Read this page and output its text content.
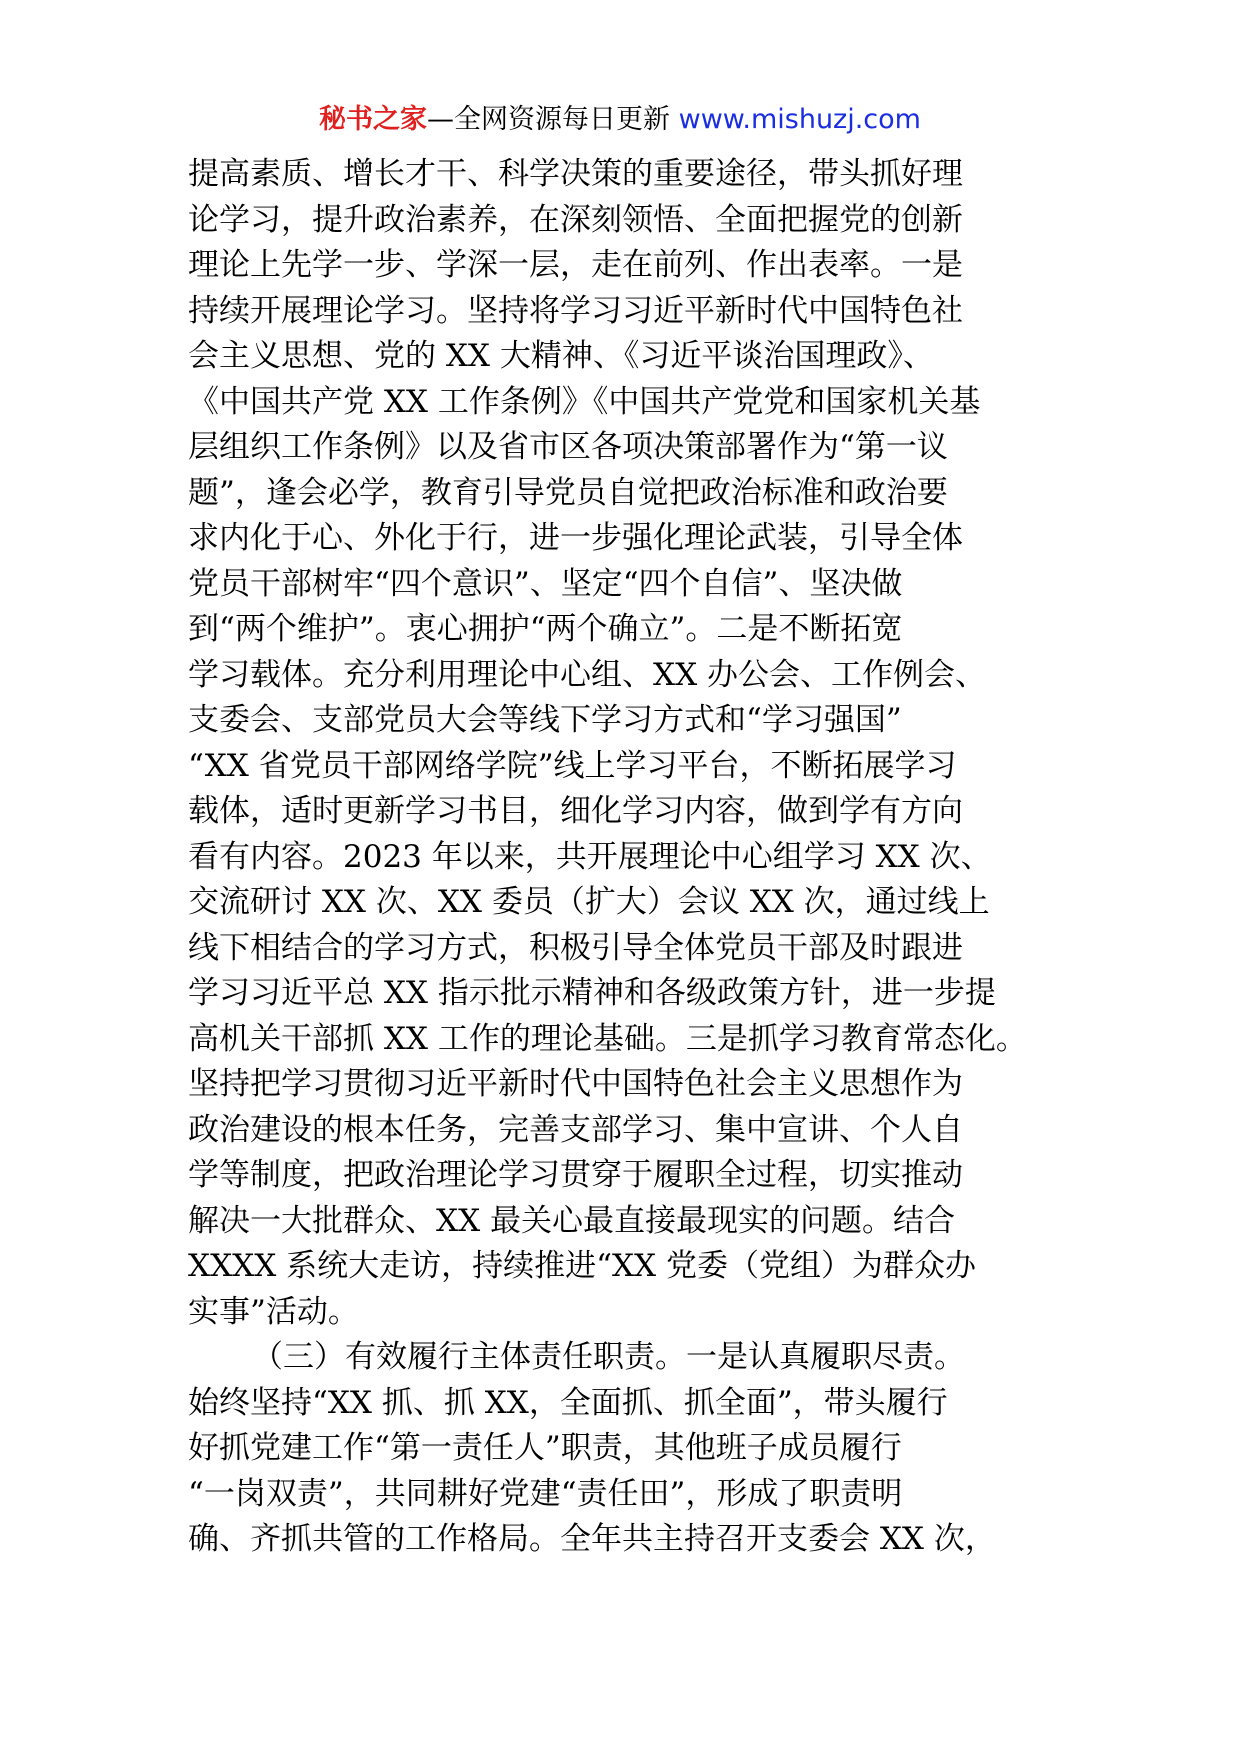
秘书之家—全网资源每日更新 www.mishuzj.com
提高素质、增长才干、科学决策的重要途径，带头抓好理
论学习，提升政治素养，在深刻领悟、全面把握党的创新
理论上先学一步、学深一层，走在前列、作出表率。一是
持续开展理论学习。坚持将学习习近平新时代中国特色社
会主义思想、党的 XX 大精神、《习近平谈治国理政》、
《中国共产党 XX 工作条例》《中国共产党党和国家机关基
层组织工作条例》以及省市区各项决策部署作为“第一议
题”，逢会必学，教育引导党员自觉把政治标准和政治要
求内化于心、外化于行，进一步强化理论武装，引导全体
党员干部树牢“四个意识”、坚定“四个自信”、坚决做
到“两个维护”。衷心拥护“两个确立”。二是不断拓宽
学习载体。充分利用理论中心组、XX 办公会、工作例会、
支委会、支部党员大会等线下学习方式和“学习强国”
“XX 省党员干部网络学院”线上学习平台，不断拓展学习
载体，适时更新学习书目，细化学习内容，做到学有方向
看有内容。2023 年以来，共开展理论中心组学习 XX 次、
交流研讨 XX 次、XX 委员（扩大）会议 XX 次，通过线上
线下相结合的学习方式，积极引导全体党员干部及时跟进
学习习近平总 XX 指示批示精神和各级政策方针，进一步提
高机关干部抓 XX 工作的理论基础。三是抓学习教育常态化。
坚持把学习贯彻习近平新时代中国特色社会主义思想作为
政治建设的根本任务，完善支部学习、集中宣讲、个人自
学等制度，把政治理论学习贯穿于履职全过程，切实推动
解决一大批群众、XX 最关心最直接最现实的问题。结合
XXXX 系统大走访，持续推进“XX 党委（党组）为群众办
实事”活动。
（三）有效履行主体责任职责。一是认真履职尽责。
始终坚持“XX 抓、抓 XX，全面抓、抓全面”，带头履行
好抓党建工作“第一责任人”职责，其他班子成员履行
“一岗双责”，共同耕好党建“责任田”，形成了职责明
确、齐抓共管的工作格局。全年共主持召开支委会 XX 次，
